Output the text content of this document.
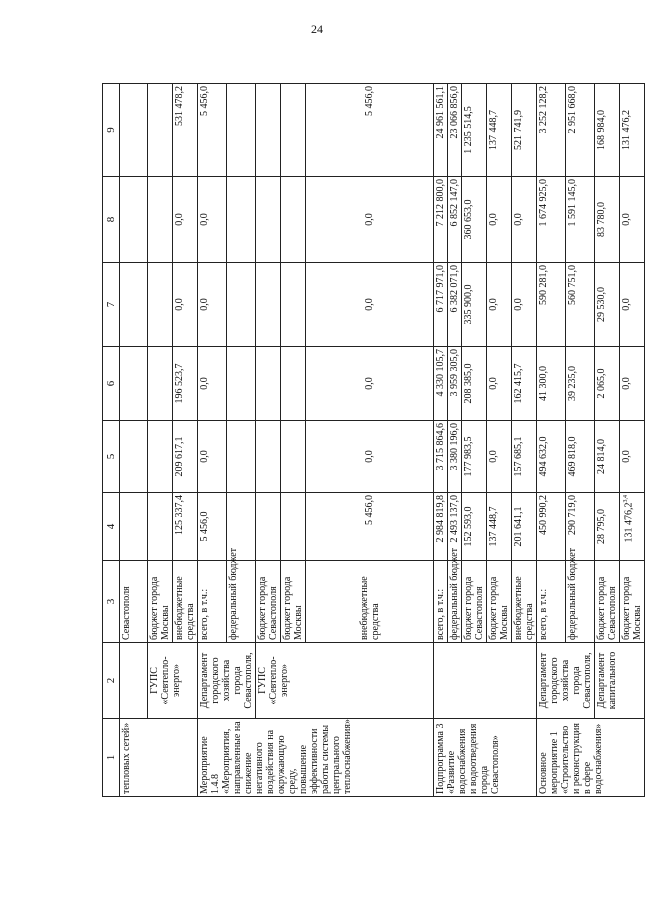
24
1	2	3	4	5	6	7	8	9
тепловых сетей»		Севастополя						
	ГУПС «Севтепло-энерго»	бюджет города Москвы						
		внебюджетные средства	125 337,4	209 617,1	196 523,7	0,0	0,0	531 478,2
Мероприятие 1.4.8 «Мероприятия, направленные на снижение негативного воздействия на окружающую среду, повышение эффективности работы системы центрального теплоснабжения»	Департамент городского хозяйства города Севастополя,	всего, в т.ч.:	5 456,0	0,0	0,0	0,0	0,0	5 456,0
		федеральный бюджет						
	ГУПС «Севтепло-энерго»	бюджет города Севастополя						
		бюджет города Москвы						
		внебюджетные средства	5 456,0	0,0	0,0	0,0	0,0	5 456,0
Подпрограмма 3 «Развитие водоснабжения и водоотведения города Севастополя»		всего, в т.ч.:	2 984 819,8	3 715 864,6	4 330 105,7	6 717 971,0	7 212 800,0	24 961 561,1
		федеральный бюджет	2 493 137,0	3 380 196,0	3 959 305,0	6 382 071,0	6 852 147,0	23 066 856,0
		бюджет города Севастополя	152 593,0	177 983,5	208 385,0	335 900,0	360 653,0	1 235 514,5
		бюджет города Москвы	137 448,7	0,0	0,0	0,0	0,0	137 448,7
		внебюджетные средства	201 641,1	157 685,1	162 415,7	0,0	0,0	521 741,9
Основное мероприятие 1 «Строительство и реконструкция в сфере водоснабжения»	Департамент городского хозяйства города Севастополя,	всего, в т.ч.:	450 990,2	494 632,0	41 300,0	590 281,0	1 674 925,0	3 252 128,2
		федеральный бюджет	290 719,0	469 818,0	39 235,0	560 751,0	1 591 145,0	2 951 668,0
	Департамент капитального	бюджет города Севастополя	28 795,0	24 814,0	2 065,0	29 530,0	83 780,0	168 984,0
		бюджет города Москвы	131 476,2$^{3,4}$	0,0	0,0	0,0	0,0	131 476,2
